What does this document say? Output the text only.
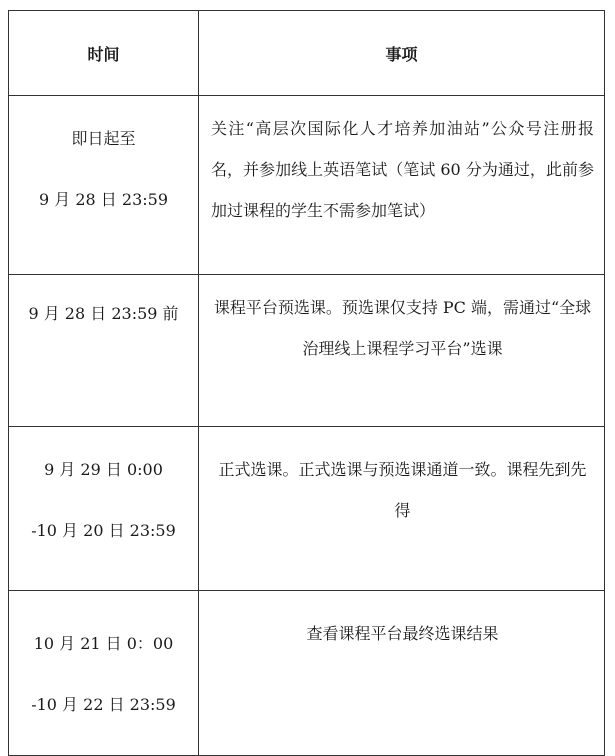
时间	事项

即日起至
9 月 28 日 23:59	关注“高层次国际化人才培养加油站”公众号注册报名，并参加线上英语笔试（笔试 60 分为通过，此前参加过课程的学生不需参加笔试）

9 月 28 日 23:59 前	课程平台预选课。预选课仅支持 PC 端，需通过“全球治理线上课程学习平台”选课

9 月 29 日 0:00
-10 月 20 日 23:59	正式选课。正式选课与预选课通道一致。课程先到先得

10 月 21 日 0：00
-10 月 22 日 23:59	查看课程平台最终选课结果
